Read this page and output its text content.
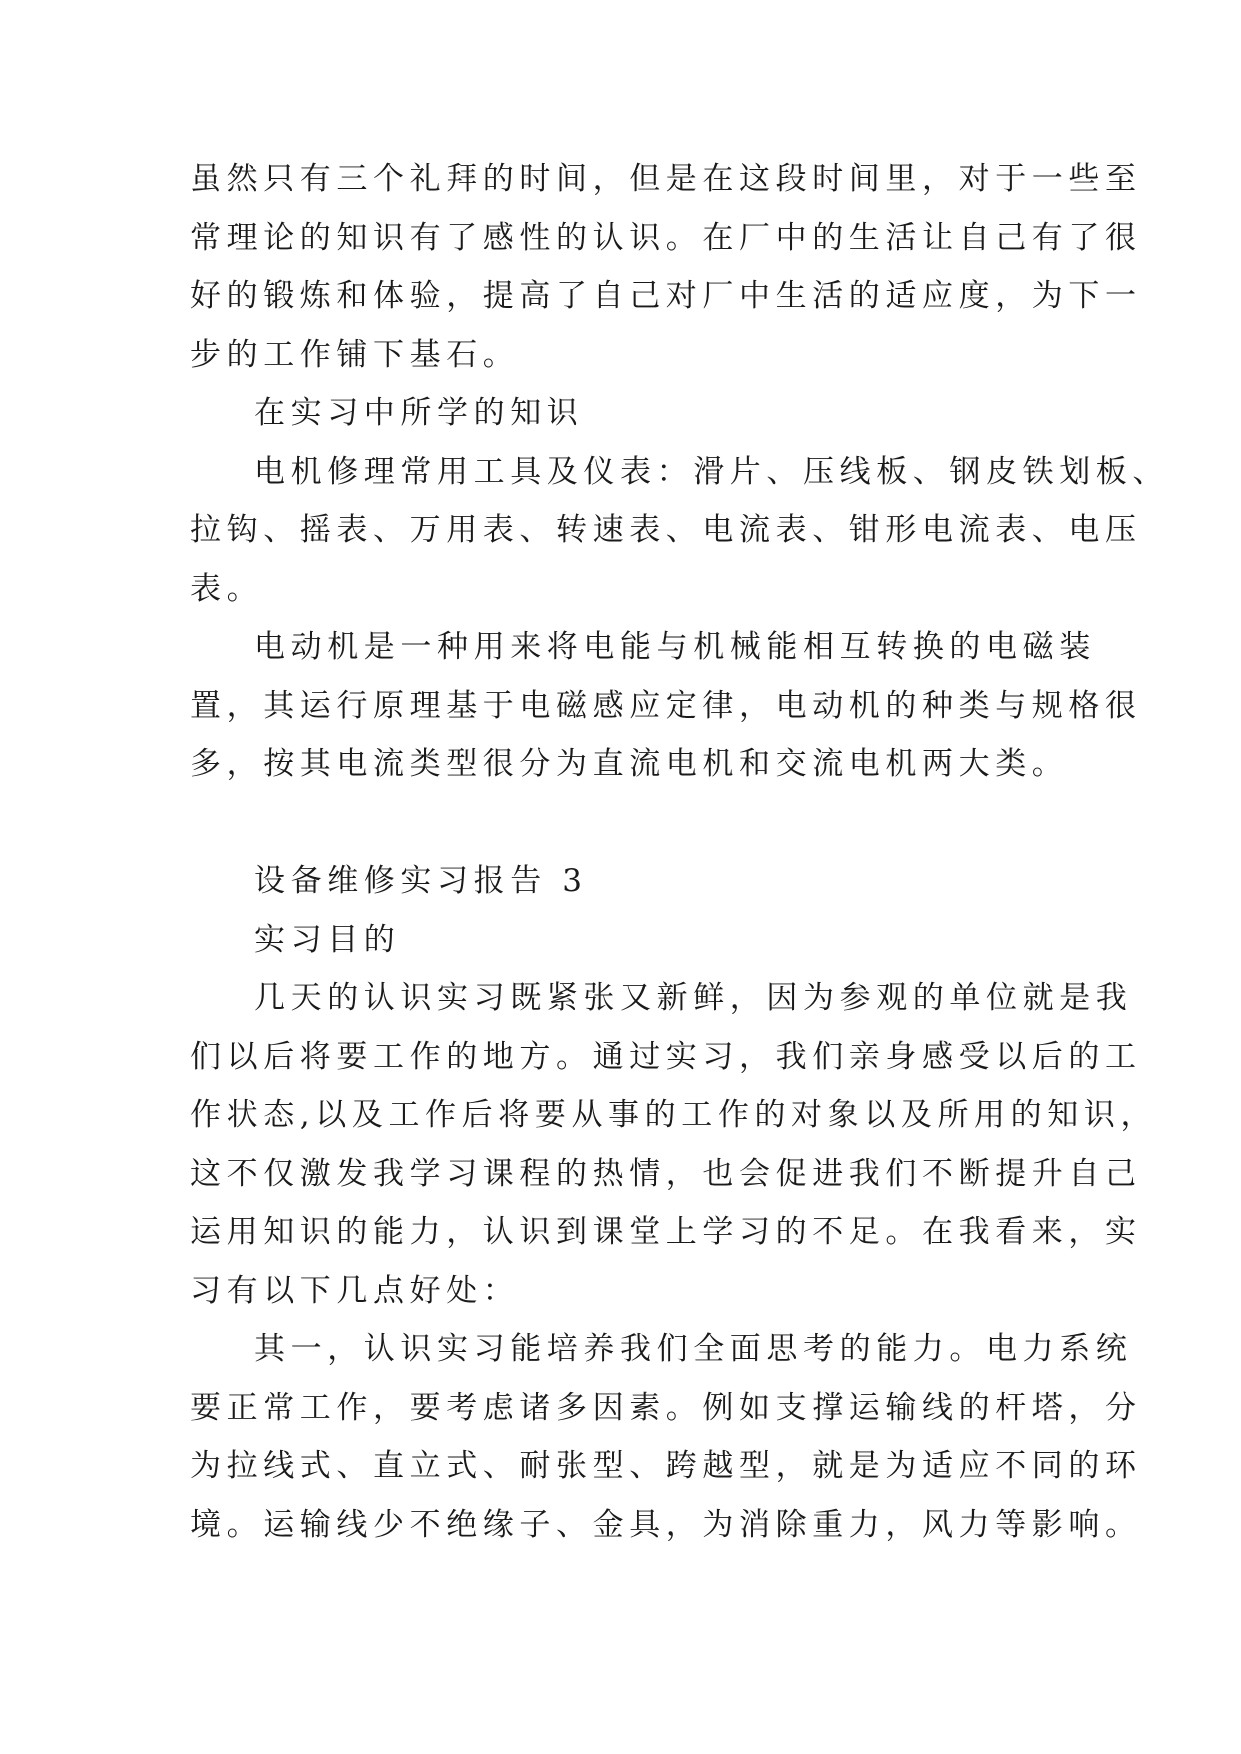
虽然只有三个礼拜的时间，但是在这段时间里，对于一些至
常理论的知识有了感性的认识。在厂中的生活让自己有了很
好的锻炼和体验，提高了自己对厂中生活的适应度，为下一
步的工作铺下基石。
在实习中所学的知识
电机修理常用工具及仪表：滑片、压线板、钢皮铁划板、
拉钩、摇表、万用表、转速表、电流表、钳形电流表、电压
表。
电动机是一种用来将电能与机械能相互转换的电磁装
置，其运行原理基于电磁感应定律，电动机的种类与规格很
多，按其电流类型很分为直流电机和交流电机两大类。
设备维修实习报告 3
实习目的
几天的认识实习既紧张又新鲜，因为参观的单位就是我
们以后将要工作的地方。通过实习，我们亲身感受以后的工
作状态,以及工作后将要从事的工作的对象以及所用的知识，
这不仅激发我学习课程的热情，也会促进我们不断提升自己
运用知识的能力，认识到课堂上学习的不足。在我看来，实
习有以下几点好处：
其一，认识实习能培养我们全面思考的能力。电力系统
要正常工作，要考虑诸多因素。例如支撑运输线的杆塔，分
为拉线式、直立式、耐张型、跨越型，就是为适应不同的环
境。运输线少不绝缘子、金具，为消除重力，风力等影响。
